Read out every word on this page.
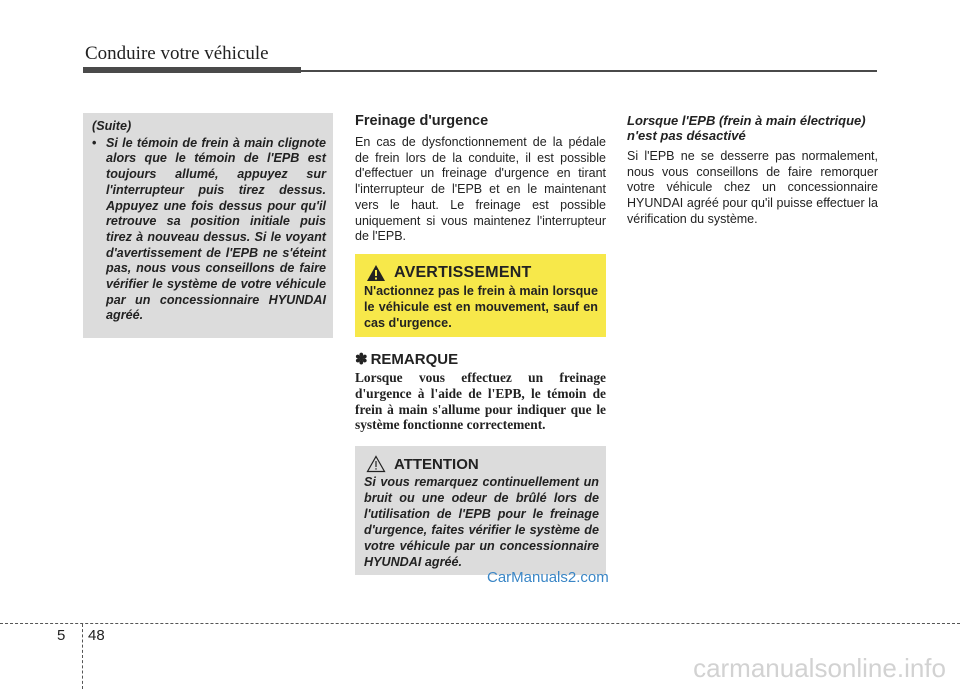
Conduire votre véhicule
(Suite)
• Si le témoin de frein à main clignote alors que le témoin de l'EPB est toujours allumé, appuyez sur l'interrupteur puis tirez dessus. Appuyez une fois dessus pour qu'il retrouve sa position initiale puis tirez à nouveau dessus. Si le voyant d'avertissement de l'EPB ne s'éteint pas, nous vous conseillons de faire vérifier le système de votre véhicule par un concessionnaire HYUNDAI agréé.
Freinage d'urgence

En cas de dysfonctionnement de la pédale de frein lors de la conduite, il est possible d'effectuer un freinage d'urgence en tirant l'interrupteur de l'EPB et en le maintenant vers le haut. Le freinage est possible uniquement si vous maintenez l'interrupteur de l'EPB.

AVERTISSEMENT
N'actionnez pas le frein à main lorsque le véhicule est en mouvement, sauf en cas d'urgence.
✽ REMARQUE
Lorsque vous effectuez un freinage d'urgence à l'aide de l'EPB, le témoin de frein à main s'allume pour indiquer que le système fonctionne correctement.
ATTENTION
Si vous remarquez continuellement un bruit ou une odeur de brûlé lors de l'utilisation de l'EPB pour le freinage d'urgence, faites vérifier le système de votre véhicule par un concessionnaire HYUNDAI agréé.
CarManuals2.com
Lorsque l'EPB (frein à main électrique) n'est pas désactivé

Si l'EPB ne se desserre pas normalement, nous vous conseillons de faire remorquer votre véhicule chez un concessionnaire HYUNDAI agréé pour qu'il puisse effectuer la vérification du système.

5 48
carmanualsonline.info
